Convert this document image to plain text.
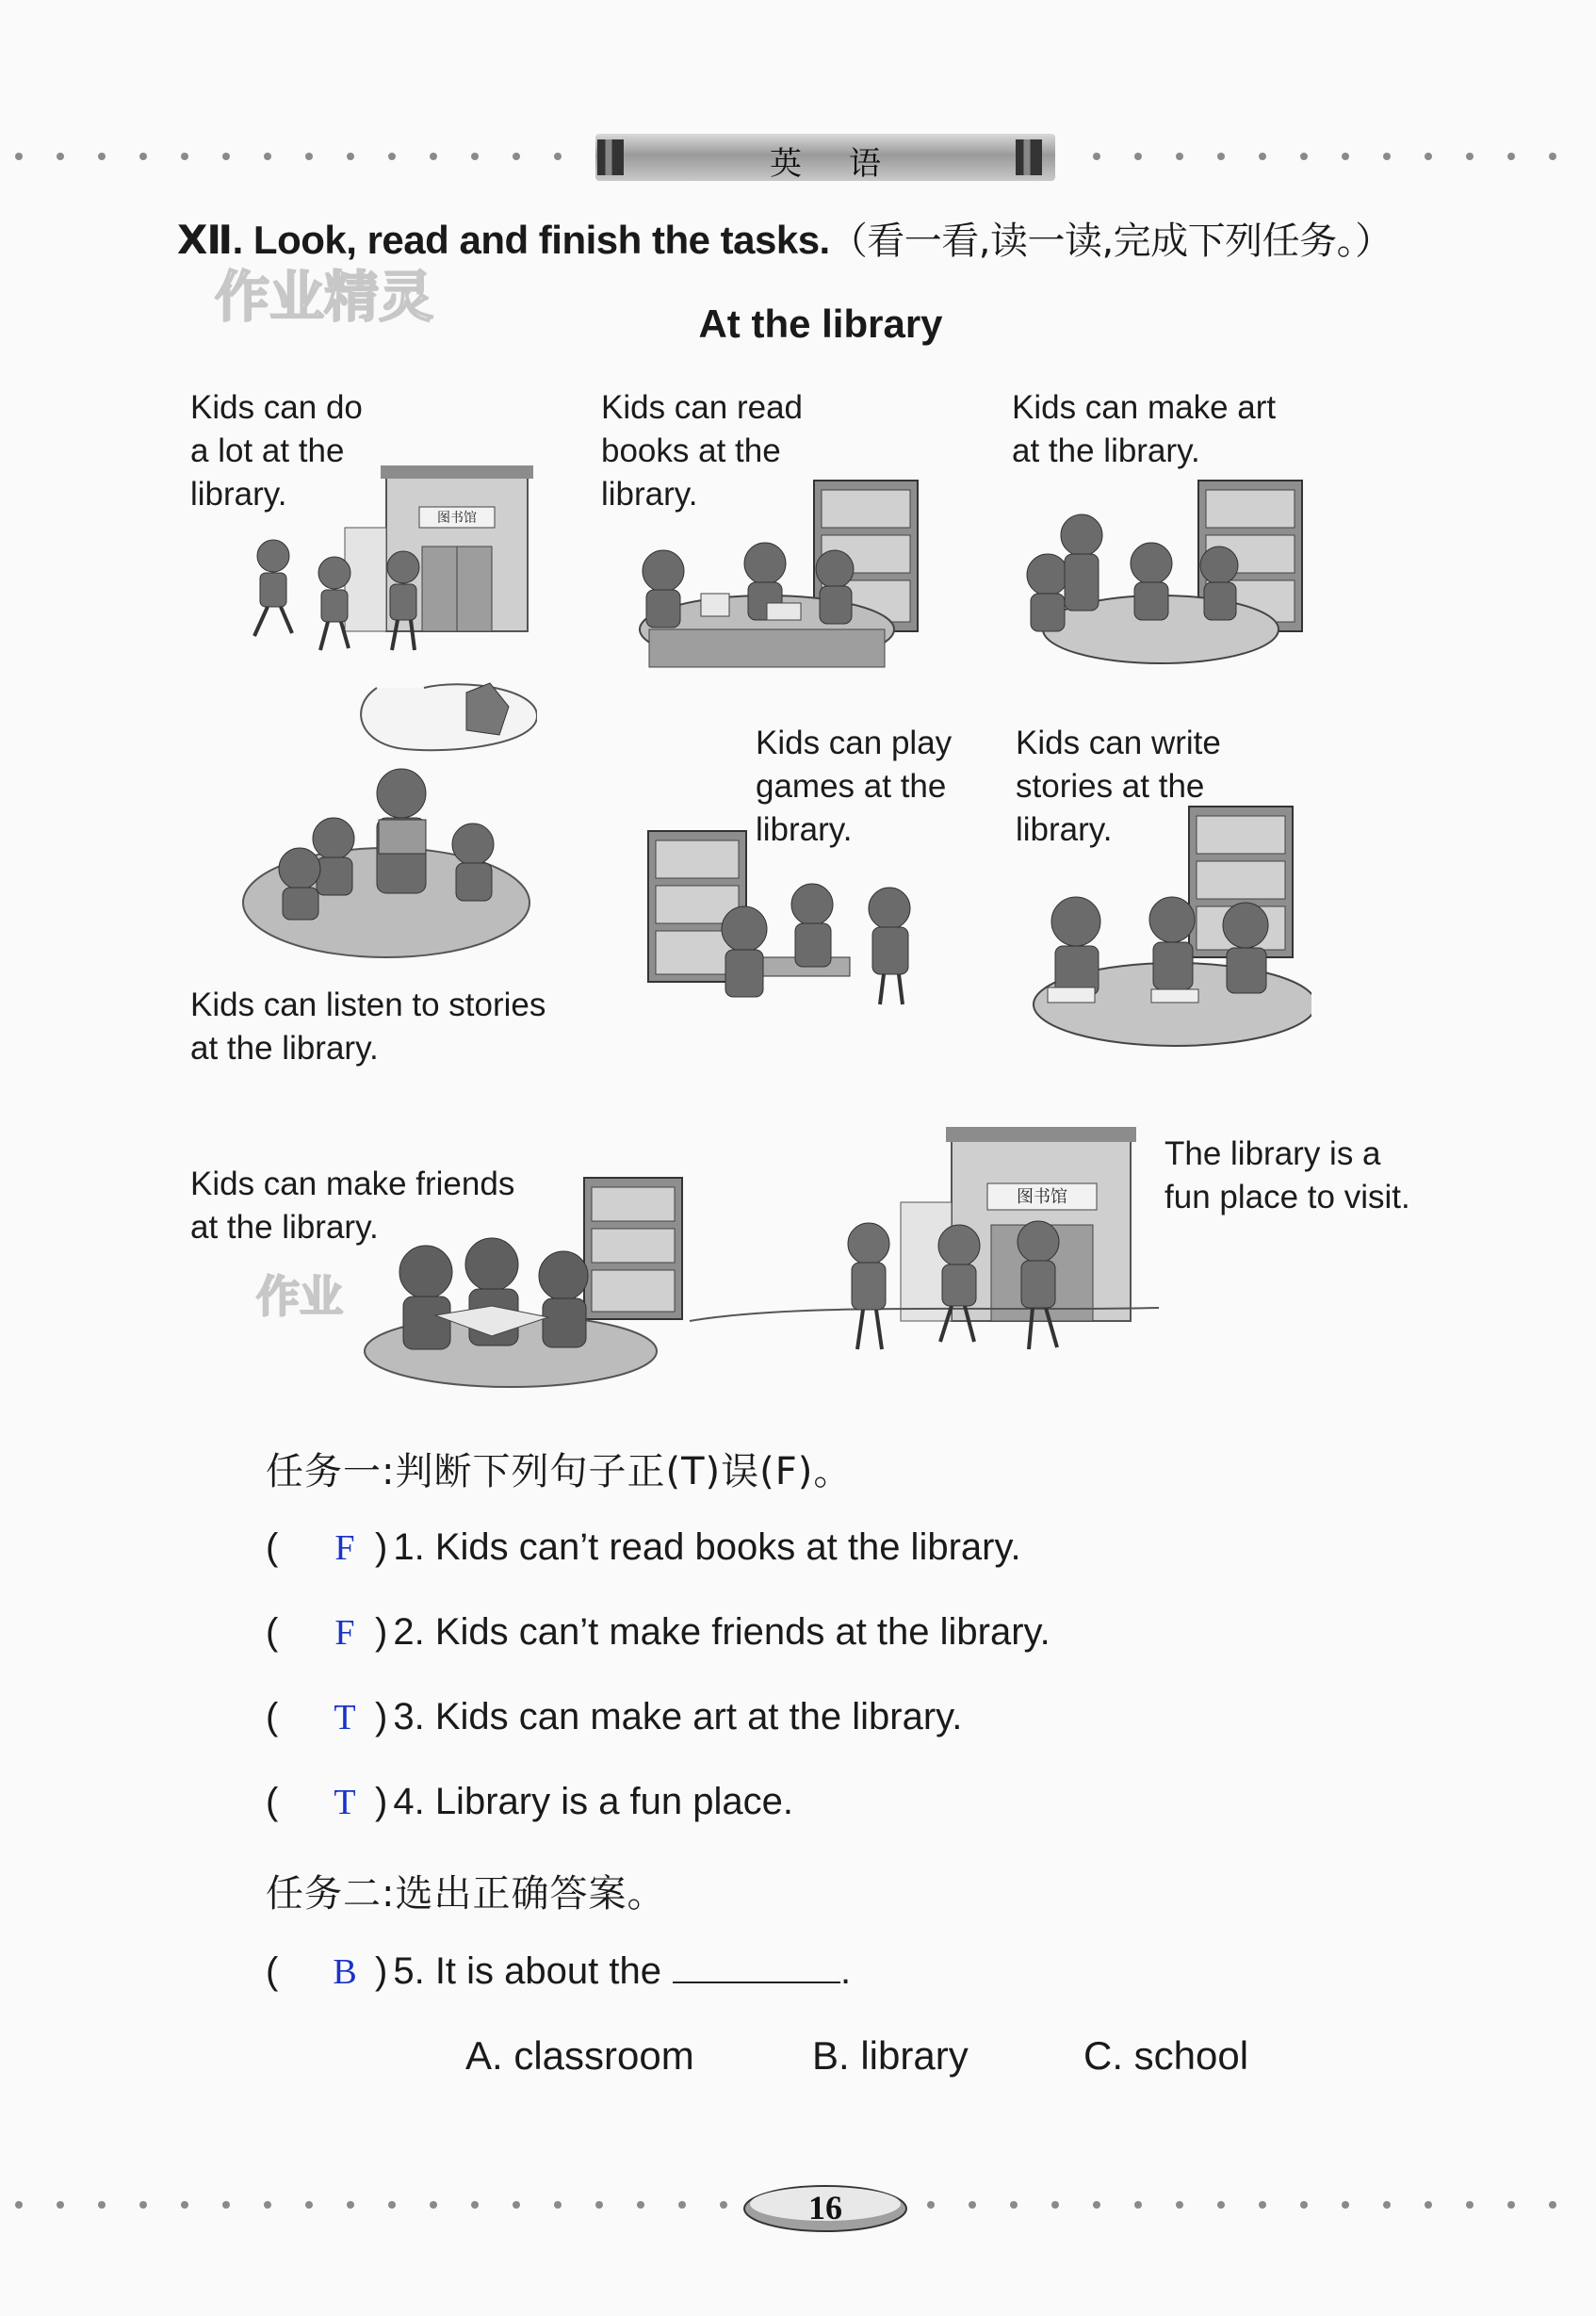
英语
Ⅻ. Look, read and finish the tasks.（看一看,读一读,完成下列任务。）
作业精灵
作业
At the library
Kids can do
a lot at the
library.
Kids can read
books at the
library.
Kids can make art
at the library.
Kids can play
games at the
library.
Kids can write
stories at the
library.
Kids can listen to stories
at the library.
Kids can make friends
at the library.
The library is a
fun place to visit.
图书馆
图书馆
任务一:判断下列句子正(T)误(F)。
( F ) 1. Kids can’t read books at the library.
( F ) 2. Kids can’t make friends at the library.
( T ) 3. Kids can make art at the library.
( T ) 4. Library is a fun place.
任务二:选出正确答案。
( B ) 5. It is about the	.
A. classroom	B. library	C. school
16
